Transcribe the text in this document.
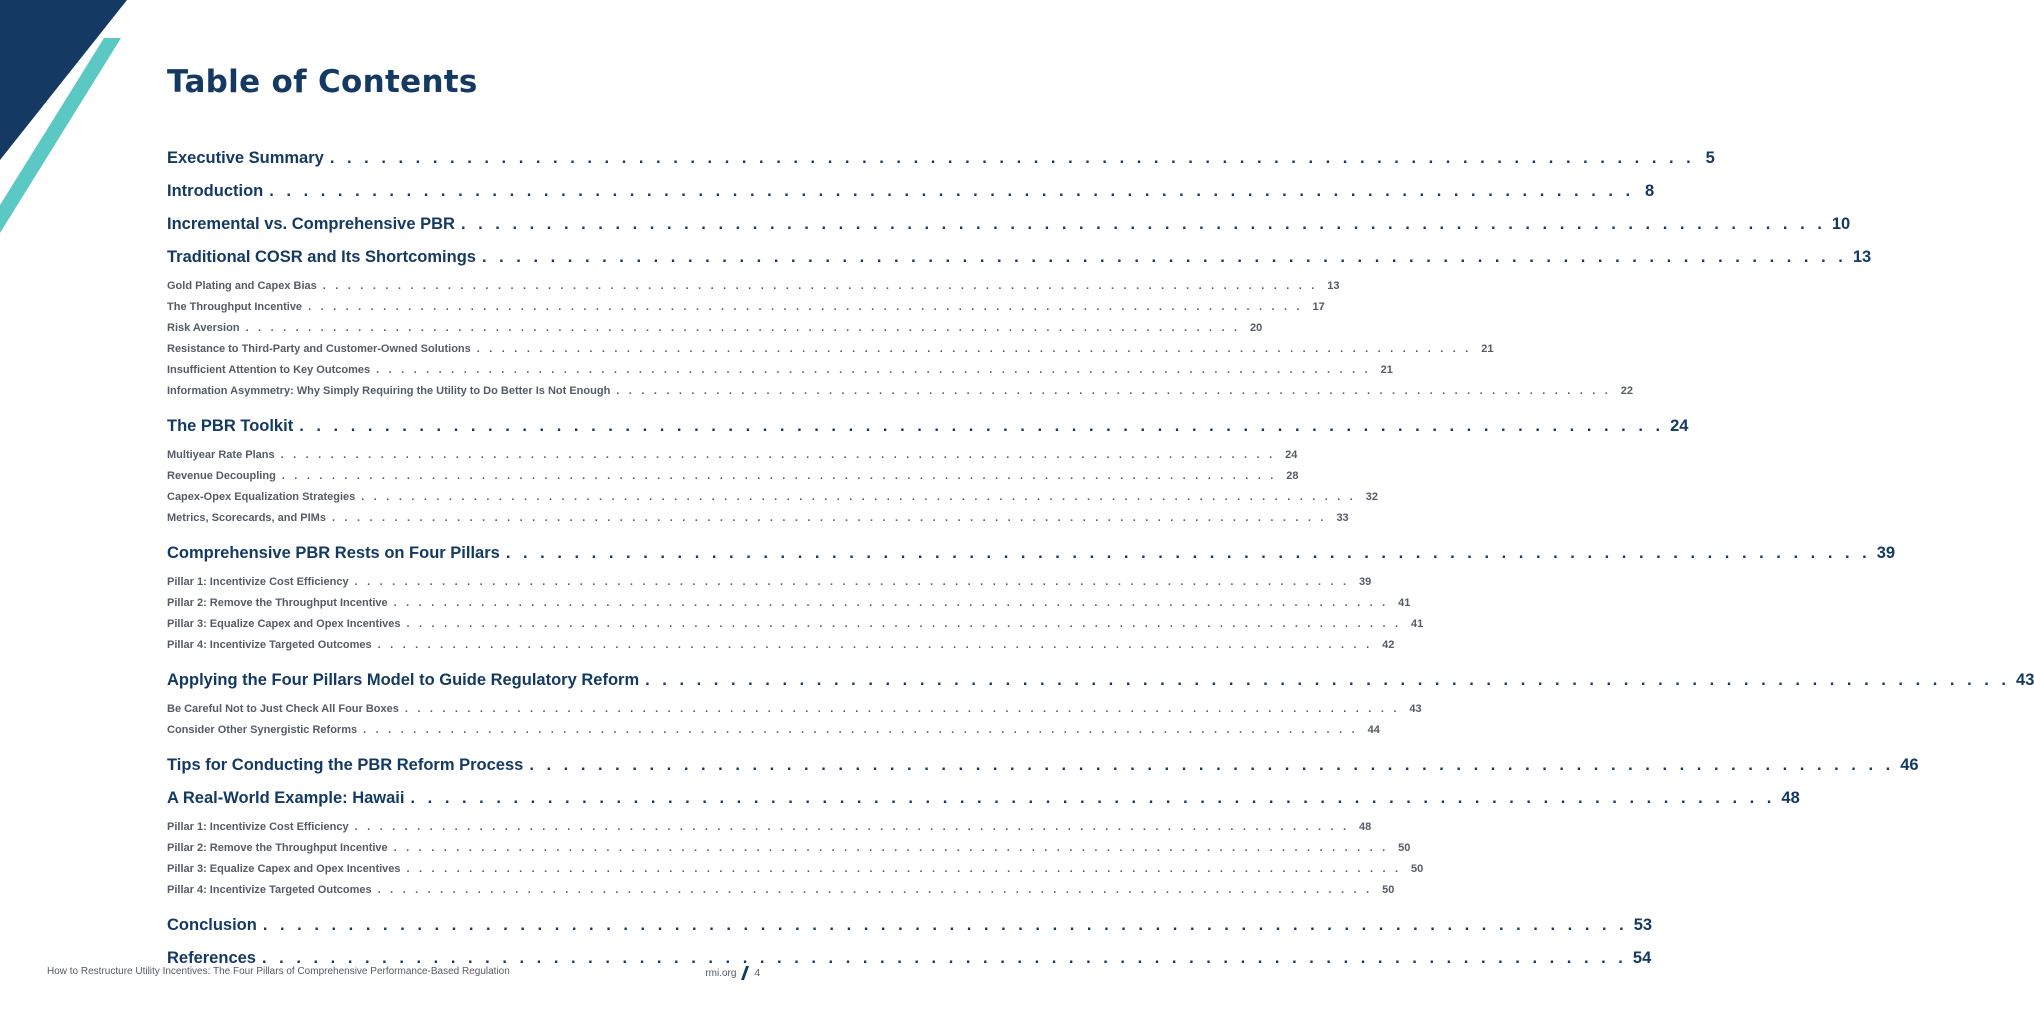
Table of Contents
Executive Summary . . . . . . . . . . . . . . . . . . . . . . . . . . . . . . . . . . . . . . . . . . . . . . . . . . . . . . . . . . . . . . . . . . . . . . . . . . . . . . . . 5
Introduction . . . . . . . . . . . . . . . . . . . . . . . . . . . . . . . . . . . . . . . . . . . . . . . . . . . . . . . . . . . . . . . . . . . . . . . . . . . . . . . . 8
Incremental vs. Comprehensive PBR . . . . . . . . . . . . . . . . . . . . . . . . . . . . . . . . . . . . . . . . . . . . . . . . . . . . . . . . . . . . . . . . . . . . . . . . . . . . . . . . 10
Traditional COSR and Its Shortcomings . . . . . . . . . . . . . . . . . . . . . . . . . . . . . . . . . . . . . . . . . . . . . . . . . . . . . . . . . . . . . . . . . . . . . . . . . . . . . . . . 13
Gold Plating and Capex Bias . . . . . . . . . . . . . . . . . . . . . . . . . . . . . . . . . . . . . . . . . . . . . . . . . . . . . . . . . . . . . . . . . . . . . . . . . . . . . . . . 13
The Throughput Incentive . . . . . . . . . . . . . . . . . . . . . . . . . . . . . . . . . . . . . . . . . . . . . . . . . . . . . . . . . . . . . . . . . . . . . . . . . . . . . . . . 17
Risk Aversion . . . . . . . . . . . . . . . . . . . . . . . . . . . . . . . . . . . . . . . . . . . . . . . . . . . . . . . . . . . . . . . . . . . . . . . . . . . . . . . . 20
Resistance to Third-Party and Customer-Owned Solutions . . . . . . . . . . . . . . . . . . . . . . . . . . . . . . . . . . . . . . . . . . . . . . . . . . . . . . . . . . . . . . . . . . . . . . . . . . . . . . . . 21
Insufficient Attention to Key Outcomes . . . . . . . . . . . . . . . . . . . . . . . . . . . . . . . . . . . . . . . . . . . . . . . . . . . . . . . . . . . . . . . . . . . . . . . . . . . . . . . . 21
Information Asymmetry: Why Simply Requiring the Utility to Do Better Is Not Enough . . . . . . . . . . . . . . . . . . . . . . . . . . . . . . . . . . . . . . . . . . . . . . . . . . . . . . . . . . . . . . . . . . . . . . . . . . . . . . . . 22
The PBR Toolkit . . . . . . . . . . . . . . . . . . . . . . . . . . . . . . . . . . . . . . . . . . . . . . . . . . . . . . . . . . . . . . . . . . . . . . . . . . . . . . . . 24
Multiyear Rate Plans . . . . . . . . . . . . . . . . . . . . . . . . . . . . . . . . . . . . . . . . . . . . . . . . . . . . . . . . . . . . . . . . . . . . . . . . . . . . . . . . 24
Revenue Decoupling . . . . . . . . . . . . . . . . . . . . . . . . . . . . . . . . . . . . . . . . . . . . . . . . . . . . . . . . . . . . . . . . . . . . . . . . . . . . . . . . 28
Capex-Opex Equalization Strategies . . . . . . . . . . . . . . . . . . . . . . . . . . . . . . . . . . . . . . . . . . . . . . . . . . . . . . . . . . . . . . . . . . . . . . . . . . . . . . . . 32
Metrics, Scorecards, and PIMs . . . . . . . . . . . . . . . . . . . . . . . . . . . . . . . . . . . . . . . . . . . . . . . . . . . . . . . . . . . . . . . . . . . . . . . . . . . . . . . . 33
Comprehensive PBR Rests on Four Pillars . . . . . . . . . . . . . . . . . . . . . . . . . . . . . . . . . . . . . . . . . . . . . . . . . . . . . . . . . . . . . . . . . . . . . . . . . . . . . . . . 39
Pillar 1: Incentivize Cost Efficiency . . . . . . . . . . . . . . . . . . . . . . . . . . . . . . . . . . . . . . . . . . . . . . . . . . . . . . . . . . . . . . . . . . . . . . . . . . . . . . . . 39
Pillar 2: Remove the Throughput Incentive . . . . . . . . . . . . . . . . . . . . . . . . . . . . . . . . . . . . . . . . . . . . . . . . . . . . . . . . . . . . . . . . . . . . . . . . . . . . . . . . 41
Pillar 3: Equalize Capex and Opex Incentives . . . . . . . . . . . . . . . . . . . . . . . . . . . . . . . . . . . . . . . . . . . . . . . . . . . . . . . . . . . . . . . . . . . . . . . . . . . . . . . . 41
Pillar 4: Incentivize Targeted Outcomes . . . . . . . . . . . . . . . . . . . . . . . . . . . . . . . . . . . . . . . . . . . . . . . . . . . . . . . . . . . . . . . . . . . . . . . . . . . . . . . . 42
Applying the Four Pillars Model to Guide Regulatory Reform . . . . . . . . . . . . . . . . . . . . . . . . . . . . . . . . . . . . . . . . . . . . . . . . . . . . . . . . . . . . . . . . . . . . . . . . . . . . . . . . 43
Be Careful Not to Just Check All Four Boxes . . . . . . . . . . . . . . . . . . . . . . . . . . . . . . . . . . . . . . . . . . . . . . . . . . . . . . . . . . . . . . . . . . . . . . . . . . . . . . . . 43
Consider Other Synergistic Reforms . . . . . . . . . . . . . . . . . . . . . . . . . . . . . . . . . . . . . . . . . . . . . . . . . . . . . . . . . . . . . . . . . . . . . . . . . . . . . . . . 44
Tips for Conducting the PBR Reform Process . . . . . . . . . . . . . . . . . . . . . . . . . . . . . . . . . . . . . . . . . . . . . . . . . . . . . . . . . . . . . . . . . . . . . . . . . . . . . . . . 46
A Real-World Example: Hawaii . . . . . . . . . . . . . . . . . . . . . . . . . . . . . . . . . . . . . . . . . . . . . . . . . . . . . . . . . . . . . . . . . . . . . . . . . . . . . . . . 48
Pillar 1: Incentivize Cost Efficiency . . . . . . . . . . . . . . . . . . . . . . . . . . . . . . . . . . . . . . . . . . . . . . . . . . . . . . . . . . . . . . . . . . . . . . . . . . . . . . . . 48
Pillar 2: Remove the Throughput Incentive . . . . . . . . . . . . . . . . . . . . . . . . . . . . . . . . . . . . . . . . . . . . . . . . . . . . . . . . . . . . . . . . . . . . . . . . . . . . . . . . 50
Pillar 3: Equalize Capex and Opex Incentives . . . . . . . . . . . . . . . . . . . . . . . . . . . . . . . . . . . . . . . . . . . . . . . . . . . . . . . . . . . . . . . . . . . . . . . . . . . . . . . . 50
Pillar 4: Incentivize Targeted Outcomes . . . . . . . . . . . . . . . . . . . . . . . . . . . . . . . . . . . . . . . . . . . . . . . . . . . . . . . . . . . . . . . . . . . . . . . . . . . . . . . . 50
Conclusion . . . . . . . . . . . . . . . . . . . . . . . . . . . . . . . . . . . . . . . . . . . . . . . . . . . . . . . . . . . . . . . . . . . . . . . . . . . . . . . . 53
References . . . . . . . . . . . . . . . . . . . . . . . . . . . . . . . . . . . . . . . . . . . . . . . . . . . . . . . . . . . . . . . . . . . . . . . . . . . . . . . . 54
How to Restructure Utility Incentives: The Four Pillars of Comprehensive Performance-Based Regulation	rmi.org 4
